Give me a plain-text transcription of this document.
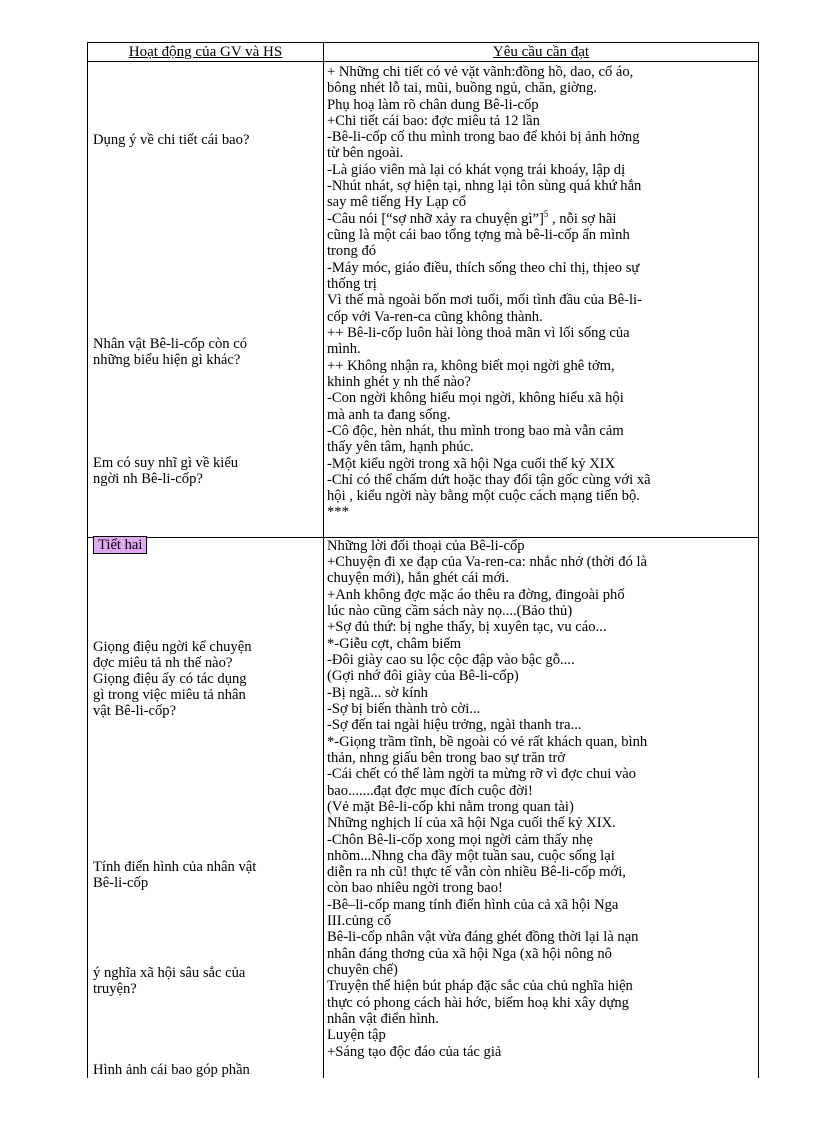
Hoạt động của GV và HS	Yêu cầu cần đạt
Dụng ý về chi tiết cái bao?
Nhân vật Bê-li-cốp còn có
những biểu hiện gì khác?
Em có suy nhĩ gì về kiểu
ngời nh Bê-li-cốp?
Tiết hai
Giọng điệu ngời kể chuyện
đợc miêu tả nh thế nào?
Giọng điệu ấy có tác dụng
gì trong việc miêu tả nhân
vật Bê-li-cốp?
Tính điển hình của nhân vật
Bê-li-cốp
ý nghĩa xã hội sâu sắc của
truyện?
Hình ảnh cái bao góp phần
+ Những chi tiết có vẻ vặt vãnh:đồng hồ, dao, cổ áo,
bông nhét lỗ tai, mũi, buồng ngủ, chăn, giờng.
Phụ hoạ làm rõ chân dung Bê-li-cốp
+Chi tiết cái bao: đợc miêu tả 12 lần
-Bê-li-cốp cố thu mình trong bao để khỏi bị ảnh hởng
từ bên ngoài.
-Là giáo viên mà lại có khát vọng trái khoáy, lập dị
-Nhút nhát, sợ hiện tại, nhng lại tôn sùng quá khứ hắn
say mê tiếng Hy Lạp cổ
-Câu nói [“sợ nhỡ xảy ra chuyện gì”]$^5$ , nỗi sợ hãi
cũng là một cái bao tổng tợng mà bê-li-cốp ẩn mình
trong đó
-Máy móc, giáo điều, thích sống theo chỉ thị, thịeo sự
thống trị
Vì thế mà ngoài bốn mơi tuổi, mối tình đầu của Bê-li-
cốp với Va-ren-ca cũng không thành.
++ Bê-li-cốp luôn hài lòng thoả mãn vì lối sống của
mình.
++ Không nhận ra, không biết mọi ngời ghê tởm,
khinh ghét y nh thế nào?
-Con ngời không hiểu mọi ngời, không hiểu xã hội
mà anh ta đang sống.
-Cô độc, hèn nhát, thu mình trong bao mà vẫn cảm
thấy yên tâm, hạnh phúc.
-Một kiểu ngời trong xã hội Nga cuối thế kỷ XIX
-Chỉ có thể chấm dứt hoặc thay đổi tận gốc cùng với xã
hội , kiểu ngời này bằng một cuộc cách mạng tiến bộ.
***
Những lời đối thoại của Bê-li-cốp
+Chuyện đi xe đạp của Va-ren-ca: nhắc nhở (thời đó là
chuyện mới), hắn ghét cái mới.
+Anh không đợc mặc áo thêu ra đờng, đingoài phố
lúc nào cũng cầm sách này nọ....(Bảo thủ)
+Sợ đủ thứ: bị nghe thấy, bị xuyên tạc, vu cáo...
*-Giễu cợt, châm biếm
-Đôi giày cao su lộc cộc đập vào bậc gỗ....
(Gợi nhớ đôi giày của Bê-li-cốp)
-Bị ngã... sờ kính
-Sợ bị biến thành trò cời...
-Sợ đến tai ngài hiệu trởng, ngài thanh tra...
*-Giọng trầm tĩnh, bề ngoài có vẻ rất khách quan, bình
thản, nhng giấu bên trong bao sự trăn trở
-Cái chết có thể làm ngời ta mừng rỡ vì đợc chui vào
bao.......đạt đợc mục đích cuộc đời!
(Vẻ mặt Bê-li-cốp khi nằm trong quan tài)
Những nghịch lí của xã hội Nga cuối thế kỷ XIX.
-Chôn Bê-li-cốp xong mọi ngời cảm thấy nhẹ
nhõm...Nhng cha đầy một tuần sau, cuộc sống lại
diễn ra nh cũ! thực tế vẫn còn nhiều Bê-li-cốp mới,
còn bao nhiêu ngời trong bao!
-Bê–li-cốp mang tính điển hình của cả xã hội Nga
III.củng cố
Bê-li-cốp nhân vật vừa đáng ghét đồng thời lại là nạn
nhân đáng thơng của xã hội Nga (xã hội nông nô
chuyên chế)
Truyện thể hiện bút pháp đặc sắc của chủ nghĩa hiện
thực có phong cách hài hớc, biếm hoạ khi xây dựng
nhân vật điển hình.
Luyện tập
+Sáng tạo độc đáo của tác giả
